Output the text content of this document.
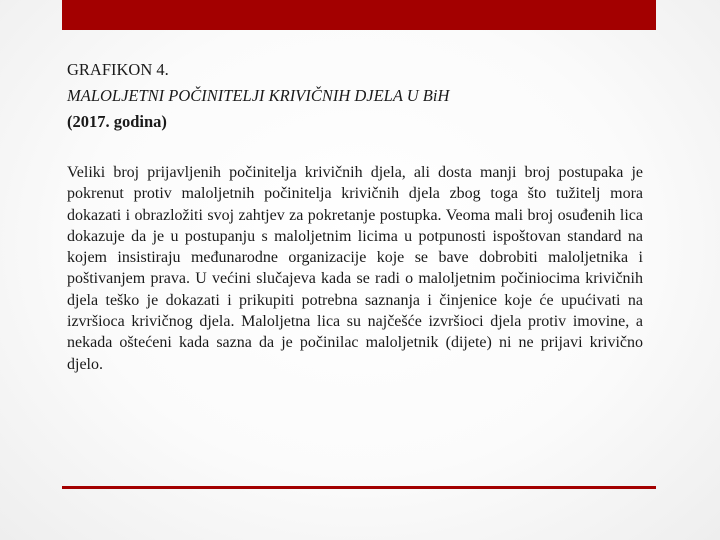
GRAFIKON 4.
MALOLJETNI POČINITELJI KRIVIČNIH DJELA U BiH
(2017. godina)

Veliki broj prijavljenih počinitelja krivičnih djela, ali dosta manji broj postupaka je pokrenut protiv maloljetnih počinitelja krivičnih djela zbog toga što tužitelj mora dokazati i obrazložiti svoj zahtjev za pokretanje postupka. Veoma mali broj osuđenih lica dokazuje da je u postupanju s maloljetnim licima u potpunosti ispoštovan standard na kojem insistiraju međunarodne organizacije koje se bave dobrobiti maloljetnika i poštivanjem prava. U većini slučajeva kada se radi o maloljetnim počiniocima krivičnih djela teško je dokazati i prikupiti potrebna saznanja i činjenice koje će upućivati na izvršioca krivičnog djela. Maloljetna lica su najčešće izvršioci djela protiv imovine, a nekada oštećeni kada sazna da je počinilac maloljetnik (dijete) ni ne prijavi krivično djelo.
